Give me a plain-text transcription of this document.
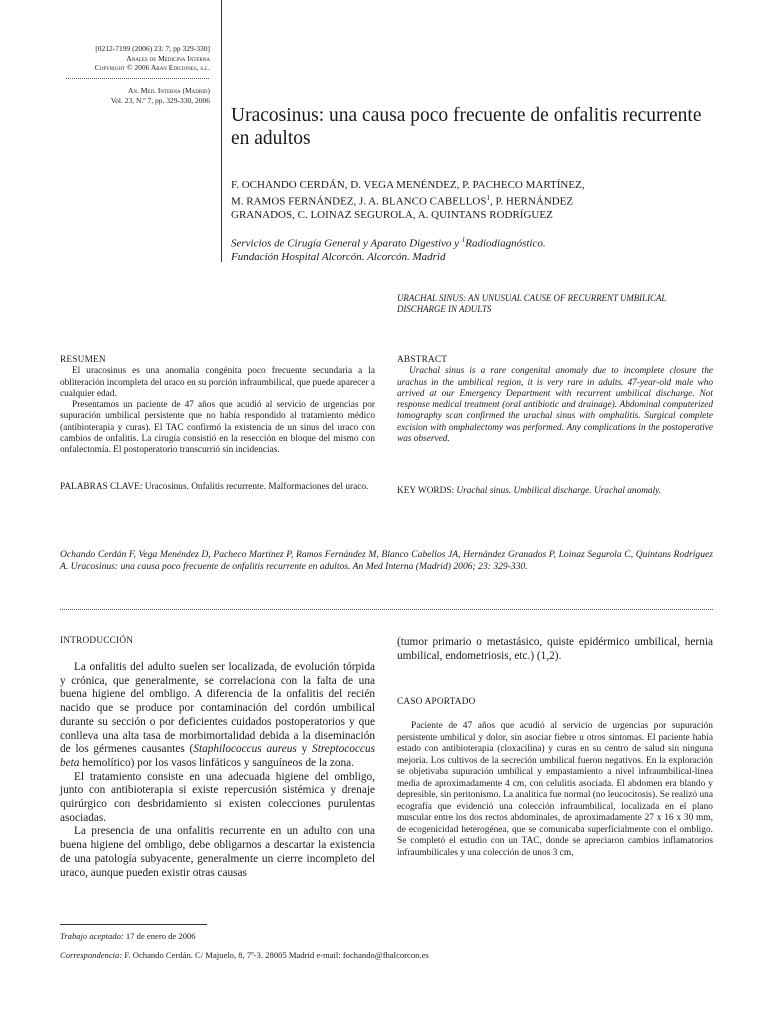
[0212-7199 (2006) 23: 7; pp 329-330]
Anales de Medicina Interna
Copyright © 2006 Aran Ediciones, s.l.
An. Med. Interna (Madrid)
Vol. 23, N.º 7, pp. 329-330, 2006
Uracosinus: una causa poco frecuente de onfalitis recurrente en adultos
F. OCHANDO CERDÁN, D. VEGA MENÉNDEZ, P. PACHECO MARTÍNEZ,
M. RAMOS FERNÁNDEZ, J. A. BLANCO CABELLOS$^1$, P. HERNÁNDEZ
GRANADOS, C. LOINAZ SEGUROLA, A. QUINTANS RODRÍGUEZ
Servicios de Cirugía General y Aparato Digestivo y $^1$Radiodiagnóstico.
Fundación Hospital Alcorcón. Alcorcón. Madrid
URACHAL SINUS: AN UNUSUAL CAUSE OF RECURRENT UMBILICAL DISCHARGE IN ADULTS
RESUMEN

El uracosinus es una anomalía congénita poco frecuente secundaria a la obliteración incompleta del uraco en su porción infraumbilical, que puede aparecer a cualquier edad.

Presentamos un paciente de 47 años que acudió al servicio de urgencias por supuración umbilical persistente que no había respondido al tratamiento médico (antibioterapia y curas). El TAC confirmó la existencia de un sinus del uraco con cambios de onfalitis. La cirugía consistió en la resección en bloque del mismo con onfalectomía. El postoperatorio transcurrió sin incidencias.

PALABRAS CLAVE: Uracosinus. Onfalitis recurrente. Malformaciones del uraco.
ABSTRACT

Urachal sinus is a rare congenital anomaly due to incomplete closure the urachus in the umbilical region, it is very rare in adults. 47-year-old male who arrived at our Emergency Department with recurrent umbilical discharge. Not response medical treatment (oral antibiotic and drainage). Abdominal computerized tomography scan confirmed the urachal sinus with omphalitis. Surgical complete excision with omphalectomy was performed. Any complications in the postoperative was observed.

KEY WORDS: Urachal sinus. Umbilical discharge. Urachal anomaly.
Ochando Cerdán F, Vega Menéndez D, Pacheco Martínez P, Ramos Fernández M, Blanco Cabellos JA, Hernández Granados P, Loinaz Segurola C, Quintans Rodríguez A. Uracosinus: una causa poco frecuente de onfalitis recurrente en adultos. An Med Interna (Madrid) 2006; 23: 329-330.
INTRODUCCIÓN

La onfalitis del adulto suelen ser localizada, de evolución tórpida y crónica, que generalmente, se correlaciona con la falta de una buena higiene del ombligo. A diferencia de la onfalitis del recién nacido que se produce por contaminación del cordón umbilical durante su sección o por deficientes cuidados postoperatorios y que conlleva una alta tasa de morbimortalidad debida a la diseminación de los gérmenes causantes (Staphilococcus aureus y Streptococcus beta hemolítico) por los vasos linfáticos y sanguíneos de la zona.

El tratamiento consiste en una adecuada higiene del ombligo, junto con antibioterapia si existe repercusión sistémica y drenaje quirúrgico con desbridamiento si existen colecciones purulentas asociadas.

La presencia de una onfalitis recurrente en un adulto con una buena higiene del ombligo, debe obligarnos a descartar la existencia de una patología subyacente, generalmente un cierre incompleto del uraco, aunque pueden existir otras causas

(tumor primario o metastásico, quiste epidérmico umbilical, hernia umbilical, endometriosis, etc.) (1,2).
CASO APORTADO

Paciente de 47 años que acudió al servicio de urgencias por supuración persistente umbilical y dolor, sin asociar fiebre u otros síntomas. El paciente había estado con antibioterapia (cloxacilina) y curas en su centro de salud sin ninguna mejoría. Los cultivos de la secreción umbilical fueron negativos. En la exploración se objetivaba supuración umbilical y empastamiento a nivel infraumbilical-línea media de aproximadamente 4 cm, con celulitis asociada. El abdomen era blando y depresible, sin peritonismo. La analítica fue normal (no leucocitosis). Se realizó una ecografía que evidenció una colección infraumbilical, localizada en el plano muscular entre los dos rectos abdominales, de aproximadamente 27 x 16 x 30 mm, de ecogenicidad heterogénea, que se comunicaba superficialmente con el ombligo. Se completó el estudio con un TAC, donde se apreciaron cambios inflamatorios infraumbilicales y una colección de unos 3 cm,

Trabajo aceptado: 17 de enero de 2006
Correspondencia: F. Ochando Cerdán. C/ Majuelo, 8, 7º-3. 28005 Madrid e-mail: fochando@fhalcorcon.es
